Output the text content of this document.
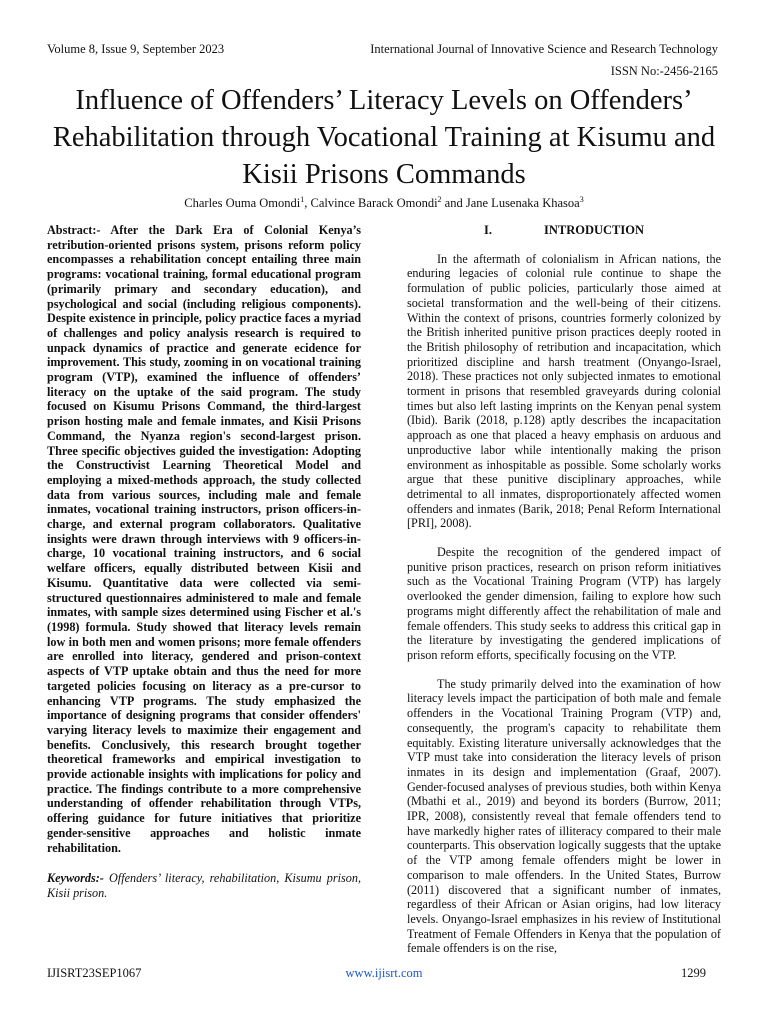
Volume 8, Issue 9, September 2023	International Journal of Innovative Science and Research Technology
ISSN No:-2456-2165
Influence of Offenders’ Literacy Levels on Offenders’ Rehabilitation through Vocational Training at Kisumu and Kisii Prisons Commands
Charles Ouma Omondi$^1$, Calvince Barack Omondi$^2$ and Jane Lusenaka Khasoa$^3$

Abstract:- After the Dark Era of Colonial Kenya’s retribution-oriented prisons system, prisons reform policy encompasses a rehabilitation concept entailing three main programs: vocational training, formal educational program (primarily primary and secondary education), and psychological and social (including religious components). Despite existence in principle, policy practice faces a myriad of challenges and policy analysis research is required to unpack dynamics of practice and generate ecidence for improvement. This study, zooming in on vocational training program (VTP), examined the influence of offenders’ literacy on the uptake of the said program. The study focused on Kisumu Prisons Command, the third-largest prison hosting male and female inmates, and Kisii Prisons Command, the Nyanza region's second-largest prison. Three specific objectives guided the investigation: Adopting the Constructivist Learning Theoretical Model and employing a mixed-methods approach, the study collected data from various sources, including male and female inmates, vocational training instructors, prison officers-in-charge, and external program collaborators. Qualitative insights were drawn through interviews with 9 officers-in-charge, 10 vocational training instructors, and 6 social welfare officers, equally distributed between Kisii and Kisumu. Quantitative data were collected via semi-structured questionnaires administered to male and female inmates, with sample sizes determined using Fischer et al.'s (1998) formula. Study showed that literacy levels remain low in both men and women prisons; more female offenders are enrolled into literacy, gendered and prison-context aspects of VTP uptake obtain and thus the need for more targeted policies focusing on literacy as a pre-cursor to enhancing VTP programs. The study emphasized the importance of designing programs that consider offenders' varying literacy levels to maximize their engagement and benefits. Conclusively, this research brought together theoretical frameworks and empirical investigation to provide actionable insights with implications for policy and practice. The findings contribute to a more comprehensive understanding of offender rehabilitation through VTPs, offering guidance for future initiatives that prioritize gender-sensitive approaches and holistic inmate rehabilitation.

Keywords:- Offenders’ literacy, rehabilitation, Kisumu prison, Kisii prison.

I.	INTRODUCTION

In the aftermath of colonialism in African nations, the enduring legacies of colonial rule continue to shape the formulation of public policies, particularly those aimed at societal transformation and the well-being of their citizens. Within the context of prisons, countries formerly colonized by the British inherited punitive prison practices deeply rooted in the British philosophy of retribution and incapacitation, which prioritized discipline and harsh treatment (Onyango-Israel, 2018). These practices not only subjected inmates to emotional torment in prisons that resembled graveyards during colonial times but also left lasting imprints on the Kenyan penal system (Ibid). Barik (2018, p.128) aptly describes the incapacitation approach as one that placed a heavy emphasis on arduous and unproductive labor while intentionally making the prison environment as inhospitable as possible. Some scholarly works argue that these punitive disciplinary approaches, while detrimental to all inmates, disproportionately affected women offenders and inmates (Barik, 2018; Penal Reform International [PRI], 2008).

Despite the recognition of the gendered impact of punitive prison practices, research on prison reform initiatives such as the Vocational Training Program (VTP) has largely overlooked the gender dimension, failing to explore how such programs might differently affect the rehabilitation of male and female offenders. This study seeks to address this critical gap in the literature by investigating the gendered implications of prison reform efforts, specifically focusing on the VTP.

The study primarily delved into the examination of how literacy levels impact the participation of both male and female offenders in the Vocational Training Program (VTP) and, consequently, the program's capacity to rehabilitate them equitably. Existing literature universally acknowledges that the VTP must take into consideration the literacy levels of prison inmates in its design and implementation (Graaf, 2007). Gender-focused analyses of previous studies, both within Kenya (Mbathi et al., 2019) and beyond its borders (Burrow, 2011; IPR, 2008), consistently reveal that female offenders tend to have markedly higher rates of illiteracy compared to their male counterparts. This observation logically suggests that the uptake of the VTP among female offenders might be lower in comparison to male offenders. In the United States, Burrow (2011) discovered that a significant number of inmates, regardless of their African or Asian origins, had low literacy levels. Onyango-Israel emphasizes in his review of Institutional Treatment of Female Offenders in Kenya that the population of female offenders is on the rise,

IJISRT23SEP1067	www.ijisrt.com	1299
